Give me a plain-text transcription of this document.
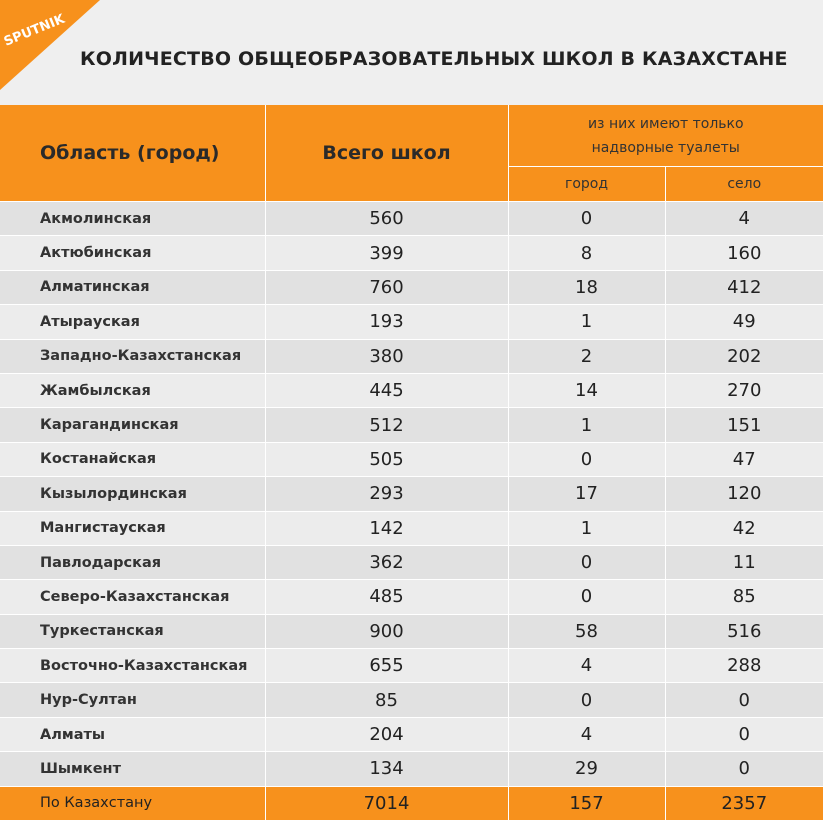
SPUTNIK
КОЛИЧЕСТВО ОБЩЕОБРАЗОВАТЕЛЬНЫХ ШКОЛ В КАЗАХСТАНЕ
Область (город)	Всего школ	из них имеют только надворные туалеты	

		город	село
Акмолинская	560	0	4
Актюбинская	399	8	160
Алматинская	760	18	412
Атырауская	193	1	49
Западно-Казахстанская	380	2	202
Жамбылская	445	14	270
Карагандинская	512	1	151
Костанайская	505	0	47
Кызылординская	293	17	120
Мангистауская	142	1	42
Павлодарская	362	0	11
Северо-Казахстанская	485	0	85
Туркестанская	900	58	516
Восточно-Казахстанская	655	4	288
Нур-Султан	85	0	0
Алматы	204	4	0
Шымкент	134	29	0
По Казахстану	7014	157	2357
